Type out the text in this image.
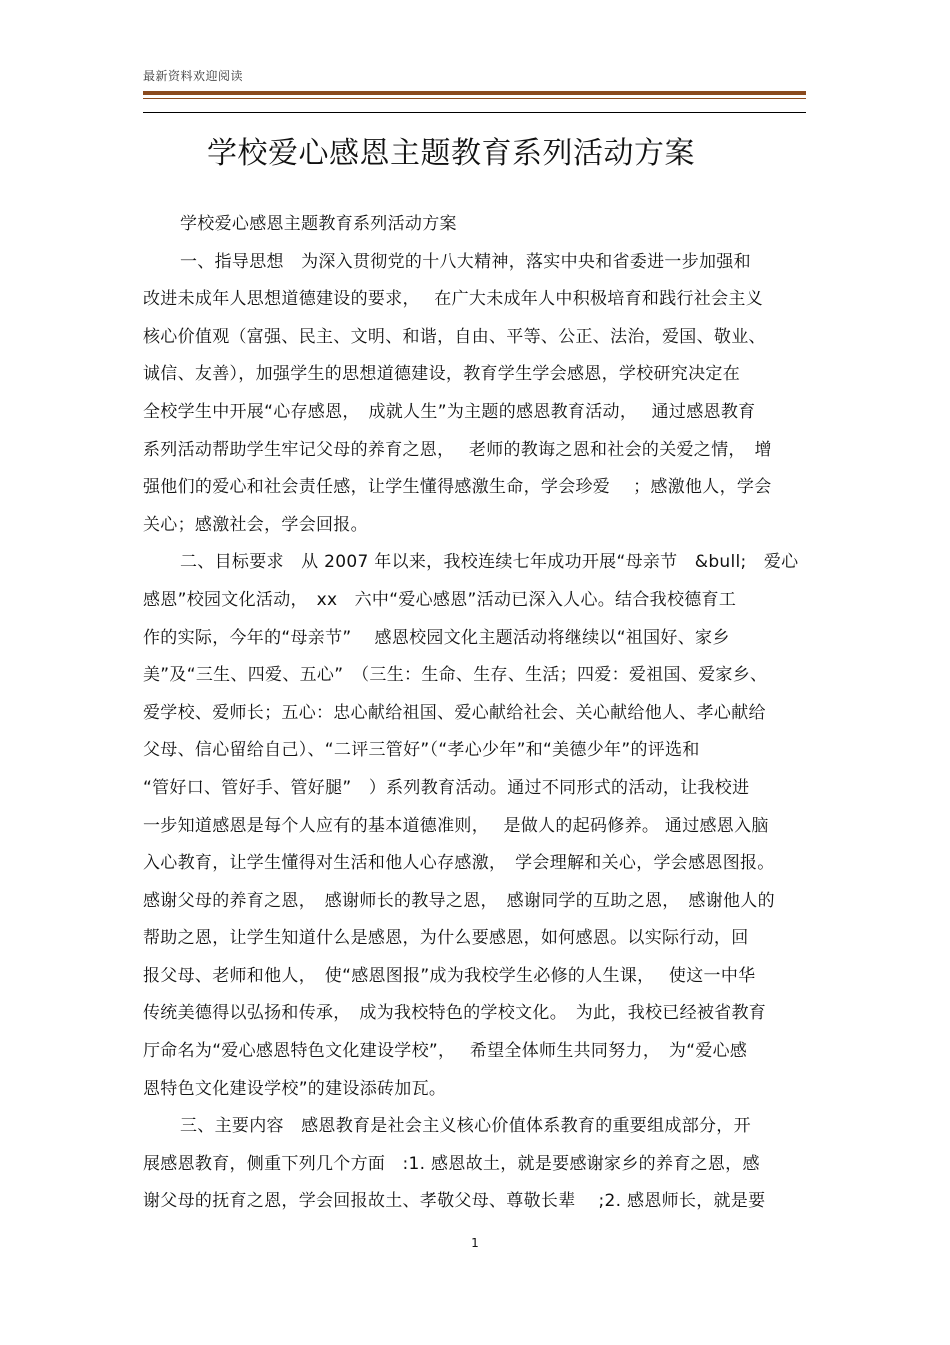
最新资料欢迎阅读
学校爱心感恩主题教育系列活动方案
学校爱心感恩主题教育系列活动方案
一、指导思想　为深入贯彻党的十八大精神，落实中央和省委进一步加强和
改进未成年人思想道德建设的要求，　 在广大未成年人中积极培育和践行社会主义
核心价值观（富强、民主、文明、和谐，自由、平等、公正、法治，爱国、敬业、
诚信、友善），加强学生的思想道德建设，教育学生学会感恩，学校研究决定在
全校学生中开展“心存感恩，　成就人生”为主题的感恩教育活动，　 通过感恩教育
系列活动帮助学生牢记父母的养育之恩，　 老师的教诲之恩和社会的关爱之情，　增
强他们的爱心和社会责任感，让学生懂得感激生命，学会珍爱　 ；感激他人，学会
关心；感激社会，学会回报。
二、目标要求　从 2007 年以来，我校连续七年成功开展“母亲节　&bull;　爱心
感恩”校园文化活动，　xx　六中“爱心感恩”活动已深入人心。结合我校德育工
作的实际，今年的“母亲节”　 感恩校园文化主题活动将继续以“祖国好、家乡
美”及“三生、四爱、五心”　（三生：生命、生存、生活；四爱：爱祖国、爱家乡、
爱学校、爱师长；五心：忠心献给祖国、爱心献给社会、关心献给他人、孝心献给
父母、信心留给自己）、“二评三管好”（“孝心少年”和“美德少年”的评选和
“管好口、管好手、管好腿”　）系列教育活动。通过不同形式的活动，让我校进
一步知道感恩是每个人应有的基本道德准则，　 是做人的起码修养。 通过感恩入脑
入心教育，让学生懂得对生活和他人心存感激，　学会理解和关心，学会感恩图报。
感谢父母的养育之恩，　感谢师长的教导之恩，　感谢同学的互助之恩，　感谢他人的
帮助之恩，让学生知道什么是感恩，为什么要感恩，如何感恩。以实际行动，回
报父母、老师和他人，　使“感恩图报”成为我校学生必修的人生课，　 使这一中华
传统美德得以弘扬和传承，　成为我校特色的学校文化。　为此，我校已经被省教育
厅命名为“爱心感恩特色文化建设学校”，　 希望全体师生共同努力，　为“爱心感
恩特色文化建设学校”的建设添砖加瓦。
三、主要内容　感恩教育是社会主义核心价值体系教育的重要组成部分，开
展感恩教育，侧重下列几个方面　:1. 感恩故土，就是要感谢家乡的养育之恩，感
谢父母的抚育之恩，学会回报故土、孝敬父母、尊敬长辈　 ;2. 感恩师长，就是要
1
